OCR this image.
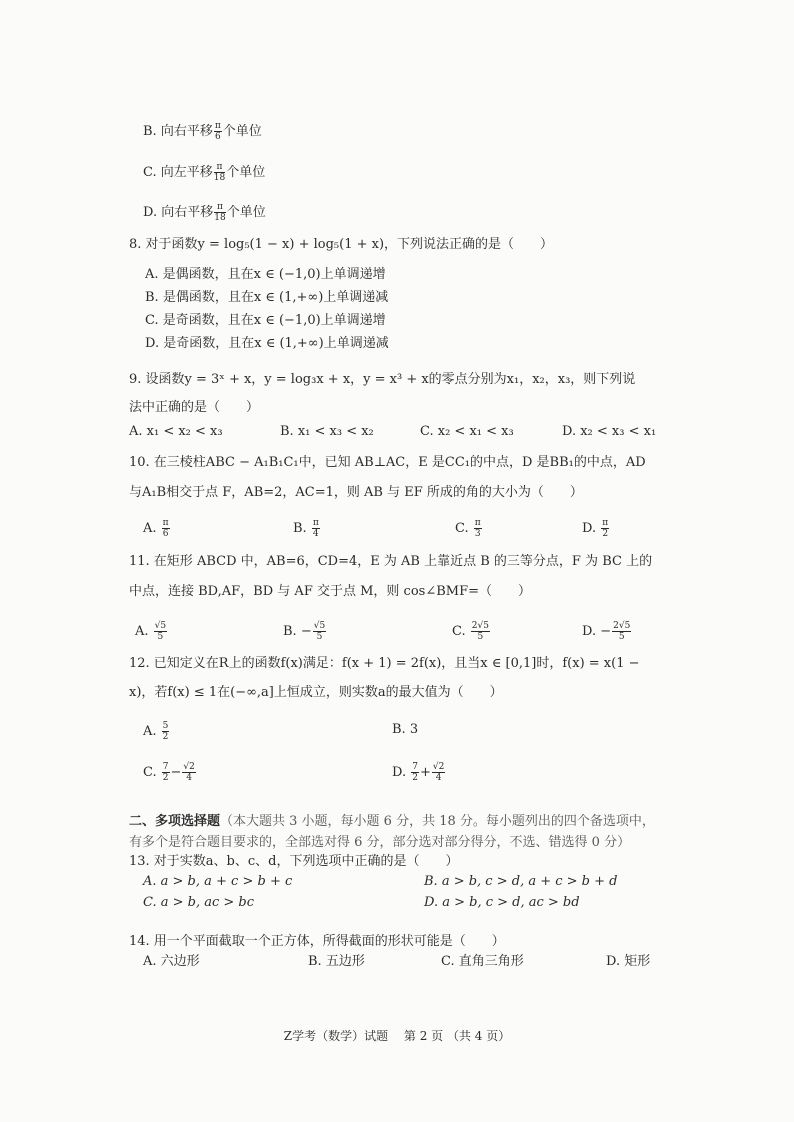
B. 向右平移 $\frac{\pi}{6}$ 个单位
C. 向左平移 $\frac{\pi}{18}$ 个单位
D. 向右平移 $\frac{\pi}{18}$ 个单位
8. 对于函数y = log₅(1 − x) + log₅(1 + x)，下列说法正确的是（　　）
A. 是偶函数，且在x ∈ (−1,0)上单调递增
B. 是偶函数，且在x ∈ (1,+∞)上单调递减
C. 是奇函数，且在x ∈ (−1,0)上单调递增
D. 是奇函数，且在x ∈ (1,+∞)上单调递减
9. 设函数y = 3ˣ + x，y = log₃x + x，y = x³ + x的零点分别为x₁，x₂，x₃，则下列说
法中正确的是（　　）
A. x₁ < x₂ < x₃	B. x₁ < x₃ < x₂	C. x₂ < x₁ < x₃	D. x₂ < x₃ < x₁
10. 在三棱柱ABC − A₁B₁C₁中，已知 AB⊥AC，E 是CC₁的中点，D 是BB₁的中点，AD
与A₁B相交于点 F，AB=2，AC=1，则 AB 与 EF 所成的角的大小为（　　）
A. $\frac{\pi}{6}$	B. $\frac{\pi}{4}$	C. $\frac{\pi}{3}$	D. $\frac{\pi}{2}$
11. 在矩形 ABCD 中，AB=6，CD=4，E 为 AB 上靠近点 B 的三等分点，F 为 BC 上的
中点，连接 BD,AF，BD 与 AF 交于点 M，则 cos∠BMF=（　　）
A. $\frac{√5}{5}$	B. − $\frac{√5}{5}$	C. $\frac{2√5}{5}$	D. − $\frac{2√5}{5}$
12. 已知定义在R上的函数f(x)满足：f(x + 1) = 2f(x)，且当x ∈ [0,1]时，f(x) = x(1 −
x)，若f(x) ≤ 1在(−∞,a]上恒成立，则实数a的最大值为（　　）
A. $\frac{5}{2}$	B. 3
C. $\frac{7}{2} - \frac{√2}{4}$	D. $\frac{7}{2} + \frac{√2}{4}$
二、多项选择题（本大题共 3 小题，每小题 6 分，共 18 分。每小题列出的四个备选项中，
有多个是符合题目要求的，全部选对得 6 分，部分选对部分得分，不选、错选得 0 分）
13. 对于实数a、b、c、d，下列选项中正确的是（　　）
A. a > b, a + c > b + c	B. a > b, c > d, a + c > b + d
C. a > b, ac > bc	D. a > b, c > d, ac > bd
14. 用一个平面截取一个正方体，所得截面的形状可能是（　　）
A. 六边形	B. 五边形	C. 直角三角形	D. 矩形
Z学考（数学）试题　 第 2 页 （共 4 页）
